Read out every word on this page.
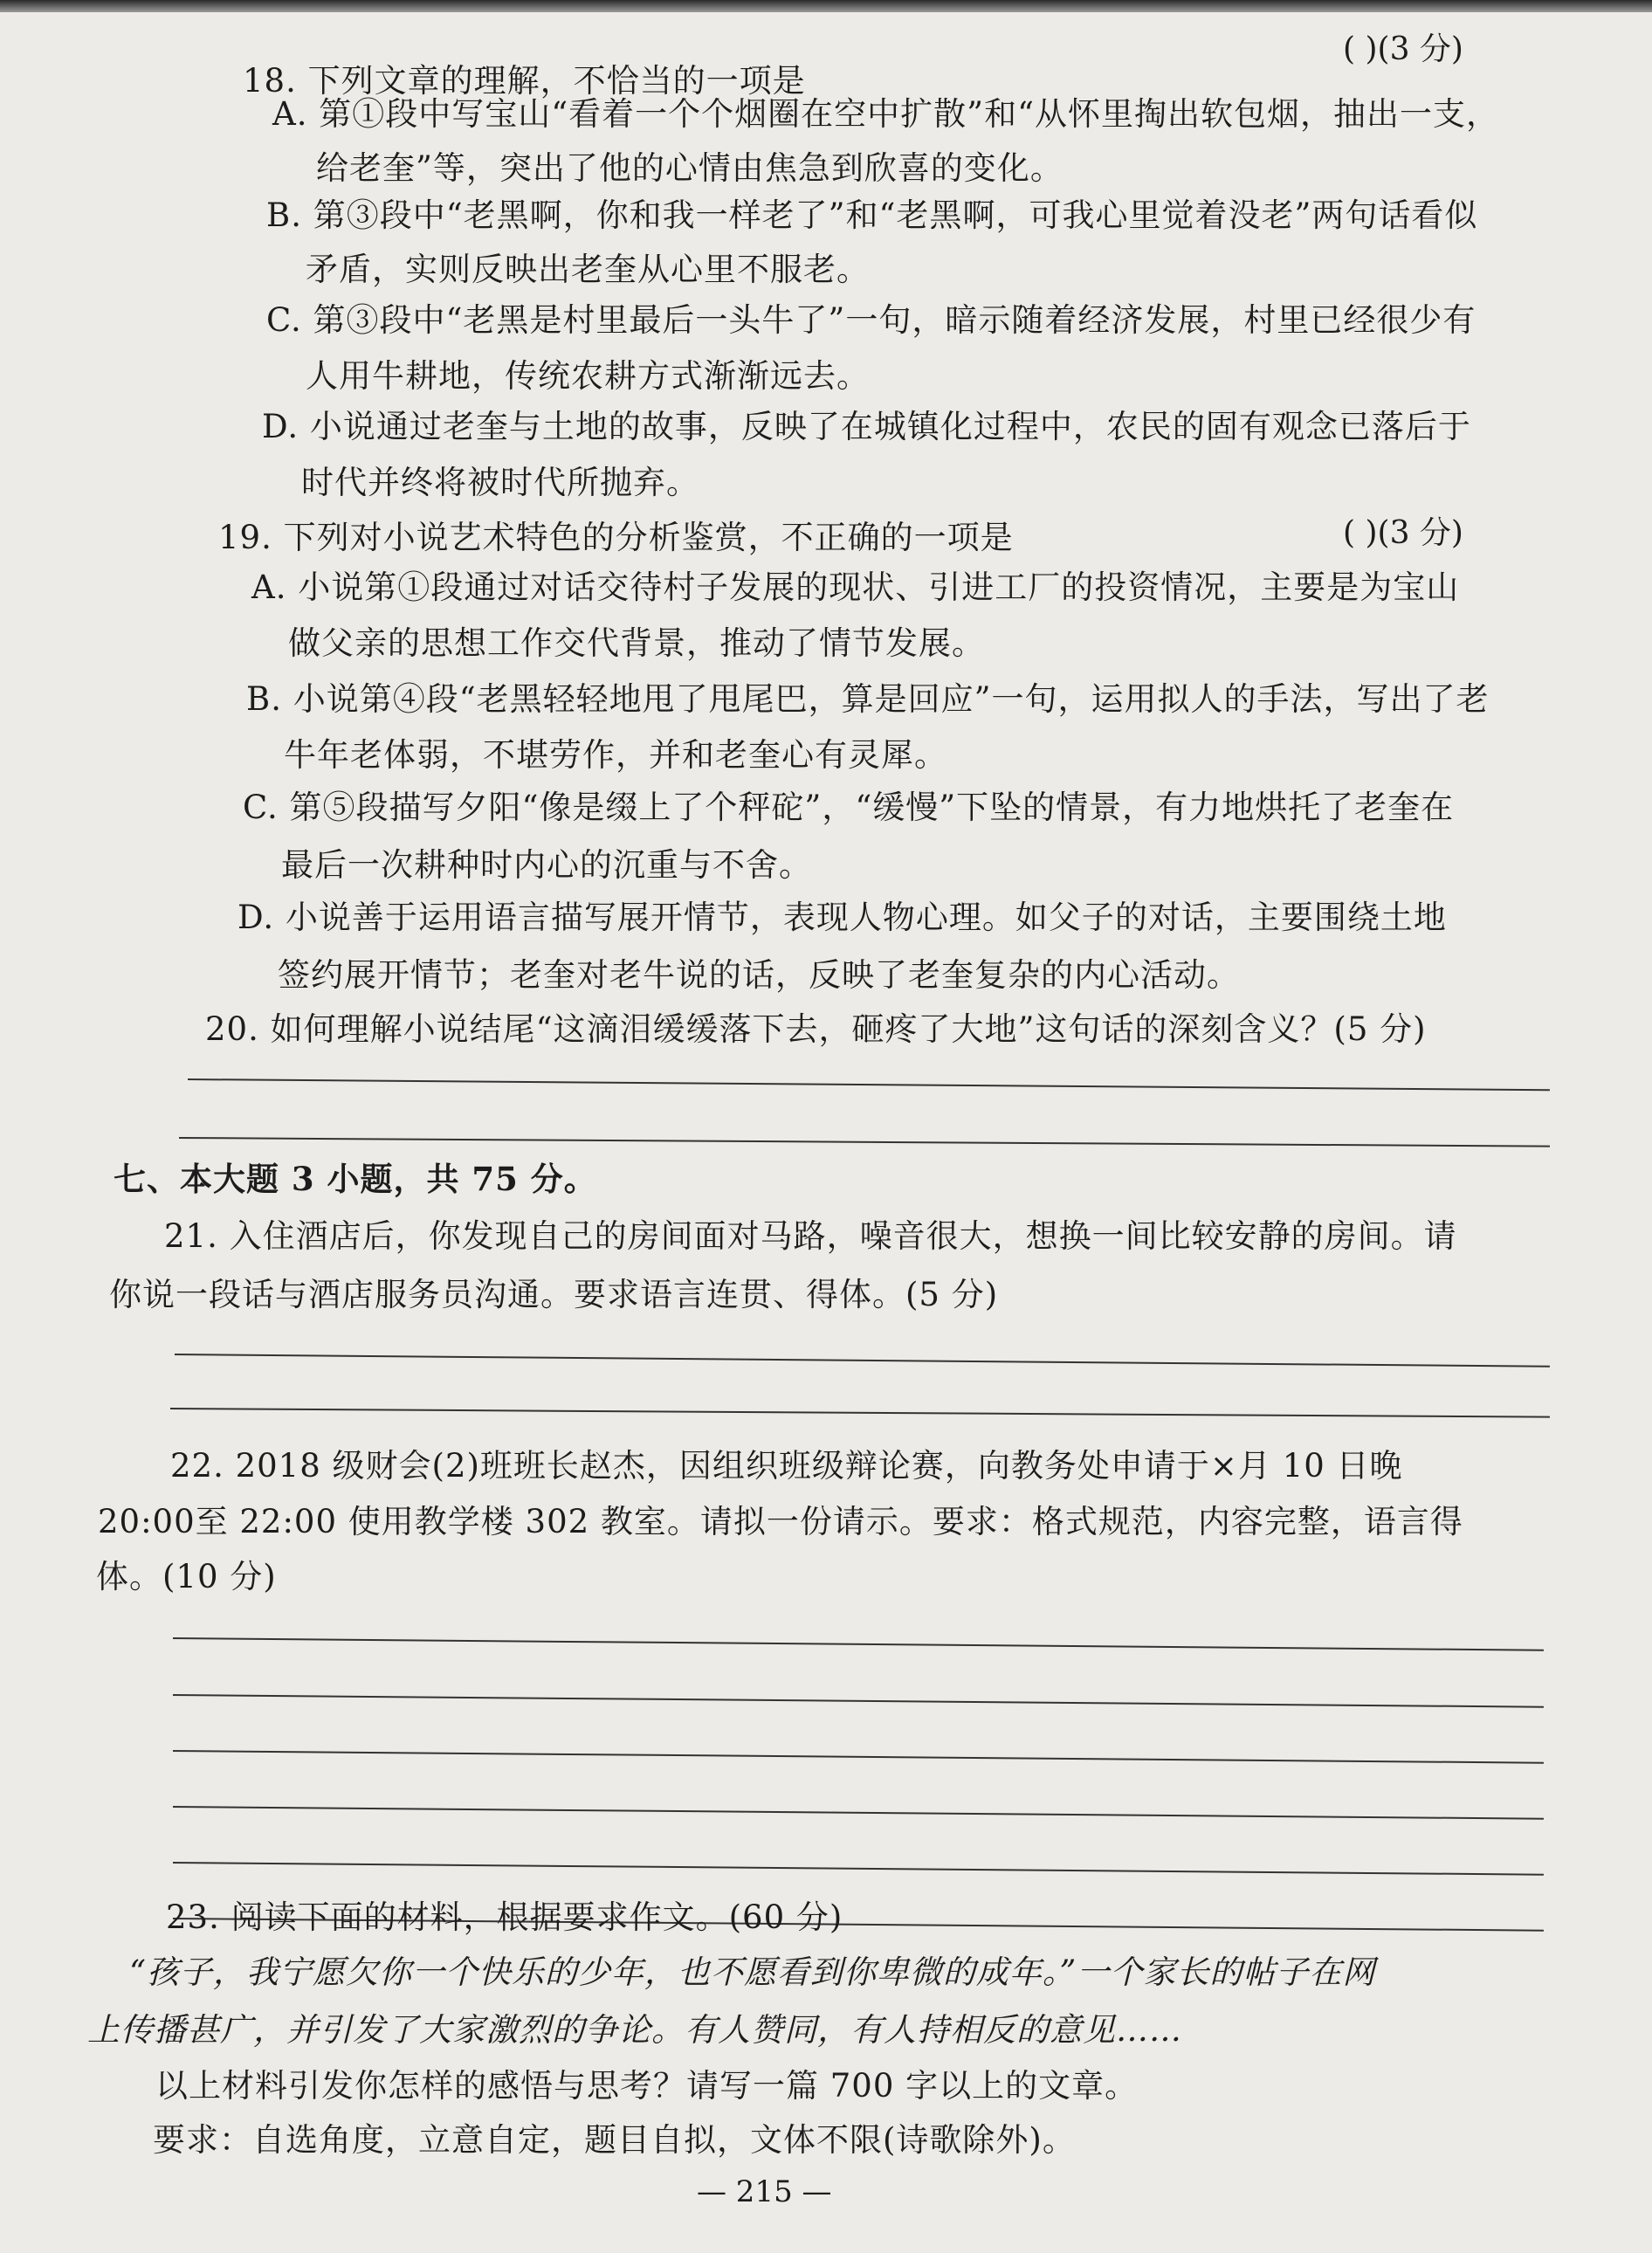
( )(3 分)
18. 下列文章的理解，不恰当的一项是
A. 第①段中写宝山“看着一个个烟圈在空中扩散”和“从怀里掏出软包烟，抽出一支，
给老奎”等，突出了他的心情由焦急到欣喜的变化。
B. 第③段中“老黑啊，你和我一样老了”和“老黑啊，可我心里觉着没老”两句话看似
矛盾，实则反映出老奎从心里不服老。
C. 第③段中“老黑是村里最后一头牛了”一句，暗示随着经济发展，村里已经很少有
人用牛耕地，传统农耕方式渐渐远去。
D. 小说通过老奎与土地的故事，反映了在城镇化过程中，农民的固有观念已落后于
时代并终将被时代所抛弃。
19. 下列对小说艺术特色的分析鉴赏，不正确的一项是	( )(3 分)
A. 小说第①段通过对话交待村子发展的现状、引进工厂的投资情况，主要是为宝山
做父亲的思想工作交代背景，推动了情节发展。
B. 小说第④段“老黑轻轻地甩了甩尾巴，算是回应”一句，运用拟人的手法，写出了老
牛年老体弱，不堪劳作，并和老奎心有灵犀。
C. 第⑤段描写夕阳“像是缀上了个秤砣”，“缓慢”下坠的情景，有力地烘托了老奎在
最后一次耕种时内心的沉重与不舍。
D. 小说善于运用语言描写展开情节，表现人物心理。如父子的对话，主要围绕土地
签约展开情节；老奎对老牛说的话，反映了老奎复杂的内心活动。
20. 如何理解小说结尾“这滴泪缓缓落下去，砸疼了大地”这句话的深刻含义？(5 分)
七、本大题 3 小题，共 75 分。
21. 入住酒店后，你发现自己的房间面对马路，噪音很大，想换一间比较安静的房间。请
你说一段话与酒店服务员沟通。要求语言连贯、得体。(5 分)
22. 2018 级财会(2)班班长赵杰，因组织班级辩论赛，向教务处申请于×月 10 日晚
20:00至 22:00 使用教学楼 302 教室。请拟一份请示。要求：格式规范，内容完整，语言得
体。(10 分)
23. 阅读下面的材料，根据要求作文。(60 分)
“孩子，我宁愿欠你一个快乐的少年，也不愿看到你卑微的成年。”一个家长的帖子在网
上传播甚广，并引发了大家激烈的争论。有人赞同，有人持相反的意见……
以上材料引发你怎样的感悟与思考？请写一篇 700 字以上的文章。
要求：自选角度，立意自定，题目自拟，文体不限(诗歌除外)。
— 215 —
